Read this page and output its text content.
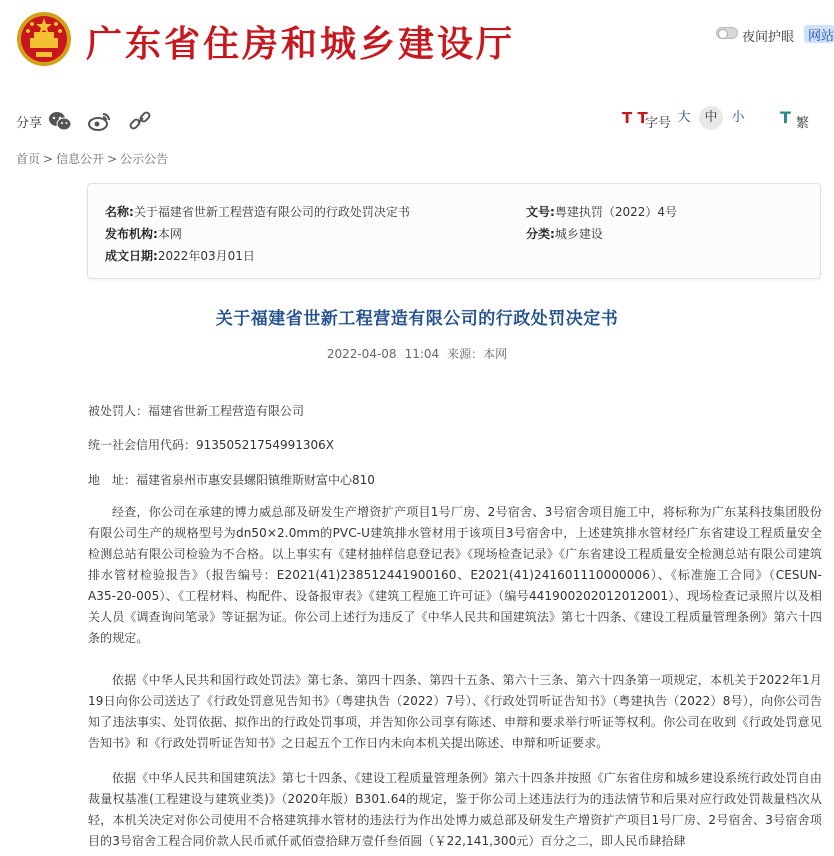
广东省住房和城乡建设厅	夜间护眼	网站
分享	T T
字号 大	中	小	T 繁
首页 > 信息公开 > 公示公告
名称:关于福建省世新工程营造有限公司的行政处罚决定书
发布机构:本网
成文日期:2022年03月01日
文号:粤建执罚（2022）4号
分类:城乡建设
关于福建省世新工程营造有限公司的行政处罚决定书
2022-04-08 11:04 来源：本网
被处罚人：福建省世新工程营造有限公司
统一社会信用代码：91350521754991306X
地　址：福建省泉州市惠安县螺阳镇维斯财富中心810
经查，你公司在承建的博力威总部及研发生产增资扩产项目1号厂房、2号宿舍、3号宿舍项目施工中，将标称为广东某科技集团股份有限公司生产的规格型号为dn50×2.0mm的PVC-U建筑排水管材用于该项目3号宿舍中，上述建筑排水管材经广东省建设工程质量安全检测总站有限公司检验为不合格。以上事实有《建材抽样信息登记表》《现场检查记录》《广东省建设工程质量安全检测总站有限公司建筑排水管材检验报告》（报告编号：E2021(41)238512441900160、E2021(41)241601110000006）、《标准施工合同》（CESUN-A35-20-005）、《工程材料、构配件、设备报审表》《建筑工程施工许可证》（编号441900202012012001）、现场检查记录照片以及相关人员《调查询问笔录》等证据为证。你公司上述行为违反了《中华人民共和国建筑法》第七十四条、《建设工程质量管理条例》第六十四条的规定。
依据《中华人民共和国行政处罚法》第七条、第四十四条、第四十五条、第六十三条、第六十四条第一项规定，本机关于2022年1月19日向你公司送达了《行政处罚意见告知书》（粤建执告（2022）7号）、《行政处罚听证告知书》（粤建执告（2022）8号），向你公司告知了违法事实、处罚依据、拟作出的行政处罚事项，并告知你公司享有陈述、申辩和要求举行听证等权利。你公司在收到《行政处罚意见告知书》和《行政处罚听证告知书》之日起五个工作日内未向本机关提出陈述、申辩和听证要求。
依据《中华人民共和国建筑法》第七十四条、《建设工程质量管理条例》第六十四条并按照《广东省住房和城乡建设系统行政处罚自由裁量权基准(工程建设与建筑业类)》（2020年版）B301.64的规定，鉴于你公司上述违法行为的违法情节和后果对应行政处罚裁量档次从轻，本机关决定对你公司使用不合格建筑排水管材的违法行为作出处博力威总部及研发生产增资扩产项目1号厂房、2号宿舍、3号宿舍项目的3号宿舍工程合同价款人民币贰仟贰佰壹拾肆万壹仟叁佰圆（￥22,141,300元）百分之二，即人民币肆拾肆
